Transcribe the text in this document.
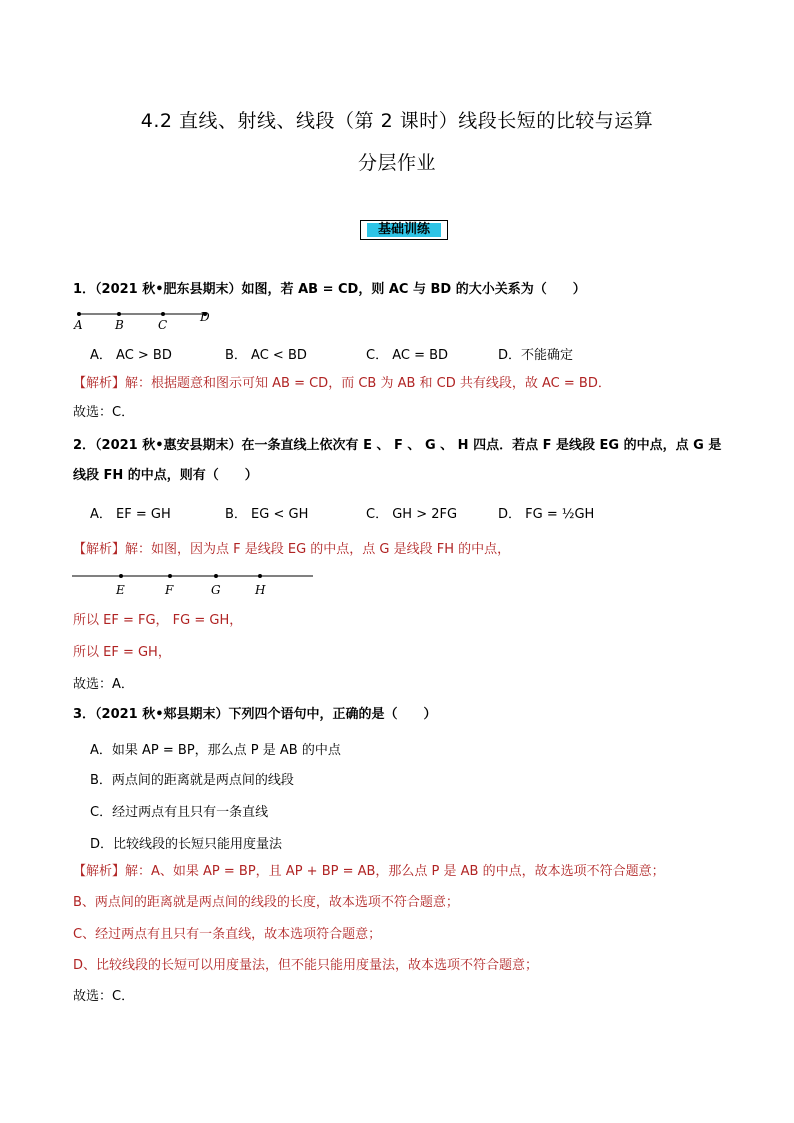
4.2 直线、射线、线段（第 2 课时）线段长短的比较与运算
分层作业
基础训练
1．（2021 秋•肥东县期末）如图，若 AB = CD，则 AC 与 BD 的大小关系为（　　）
A	B	C
D
A． AC > BD	B． AC < BD	C． AC = BD	D．不能确定
【解析】解：根据题意和图示可知 AB = CD，而 CB 为 AB 和 CD 共有线段，故 AC = BD．
故选：C．
2．（2021 秋•惠安县期末）在一条直线上依次有 E 、 F 、 G 、 H 四点．若点 F 是线段 EG 的中点，点 G 是
线段 FH 的中点，则有（　　）
A． EF = GH	B． EG < GH	C． GH > 2FG	D． FG = ½GH
【解析】解：如图，因为点 F 是线段 EG 的中点，点 G 是线段 FH 的中点，
E	F	G	H
所以 EF = FG， FG = GH，
所以 EF = GH，
故选：A．
3．（2021 秋•郏县期末）下列四个语句中，正确的是（　　）
A．如果 AP = BP，那么点 P 是 AB 的中点
B．两点间的距离就是两点间的线段
C．经过两点有且只有一条直线
D．比较线段的长短只能用度量法
【解析】解：A、如果 AP = BP，且 AP + BP = AB，那么点 P 是 AB 的中点，故本选项不符合题意；
B、两点间的距离就是两点间的线段的长度，故本选项不符合题意；
C、经过两点有且只有一条直线，故本选项符合题意；
D、比较线段的长短可以用度量法，但不能只能用度量法，故本选项不符合题意；
故选：C．
